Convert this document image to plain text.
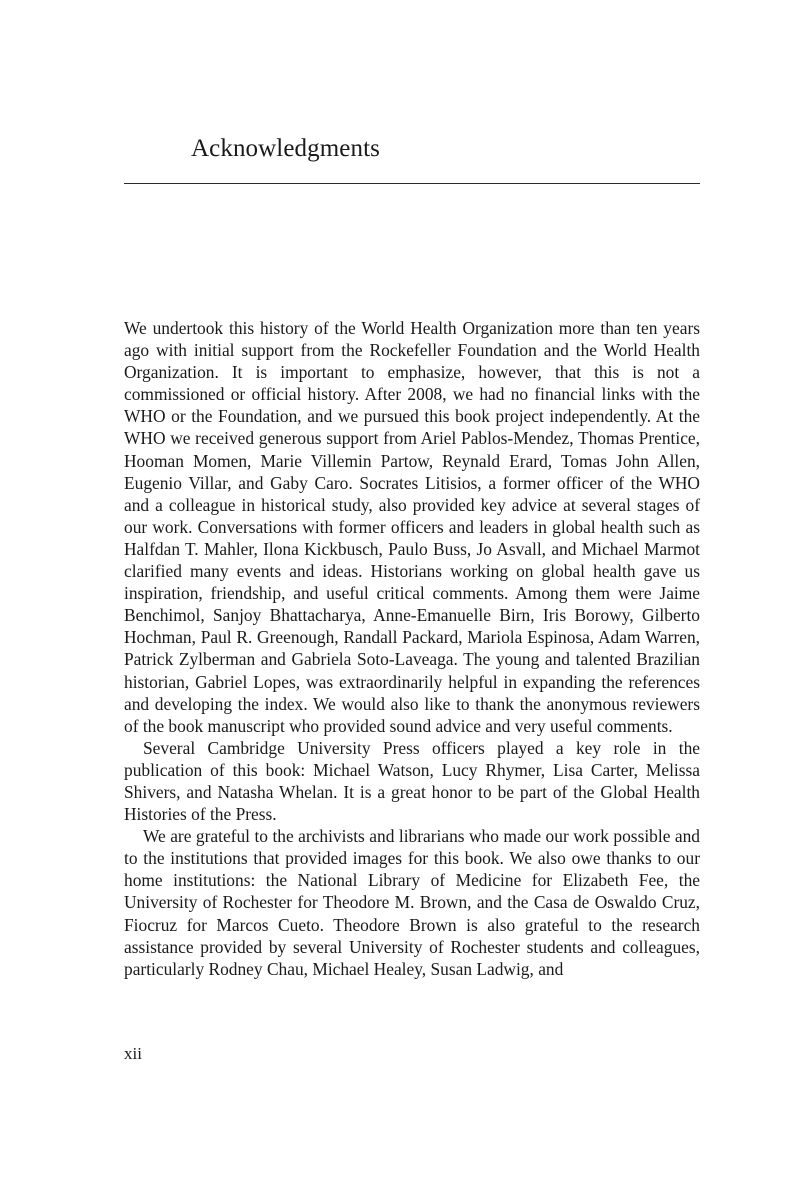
Acknowledgments

We undertook this history of the World Health Organization more than ten years ago with initial support from the Rockefeller Foundation and the World Health Organization. It is important to emphasize, however, that this is not a commissioned or official history. After 2008, we had no financial links with the WHO or the Foundation, and we pursued this book project independently. At the WHO we received generous support from Ariel Pablos-Mendez, Thomas Prentice, Hooman Momen, Marie Villemin Partow, Reynald Erard, Tomas John Allen, Eugenio Villar, and Gaby Caro. Socrates Litisios, a former officer of the WHO and a colleague in historical study, also provided key advice at several stages of our work. Conversations with former officers and leaders in global health such as Halfdan T. Mahler, Ilona Kickbusch, Paulo Buss, Jo Asvall, and Michael Marmot clarified many events and ideas. Historians working on global health gave us inspiration, friendship, and useful critical comments. Among them were Jaime Benchimol, Sanjoy Bhattacharya, Anne-Emanuelle Birn, Iris Borowy, Gilberto Hochman, Paul R. Greenough, Randall Packard, Mariola Espinosa, Adam Warren, Patrick Zylberman and Gabriela Soto-Laveaga. The young and talented Brazilian historian, Gabriel Lopes, was extraordinarily helpful in expanding the references and developing the index. We would also like to thank the anonymous reviewers of the book manuscript who provided sound advice and very useful comments.

Several Cambridge University Press officers played a key role in the publication of this book: Michael Watson, Lucy Rhymer, Lisa Carter, Melissa Shivers, and Natasha Whelan. It is a great honor to be part of the Global Health Histories of the Press.

We are grateful to the archivists and librarians who made our work possible and to the institutions that provided images for this book. We also owe thanks to our home institutions: the National Library of Medicine for Elizabeth Fee, the University of Rochester for Theodore M. Brown, and the Casa de Oswaldo Cruz, Fiocruz for Marcos Cueto. Theodore Brown is also grateful to the research assistance provided by several University of Rochester students and colleagues, particularly Rodney Chau, Michael Healey, Susan Ladwig, and

xii
